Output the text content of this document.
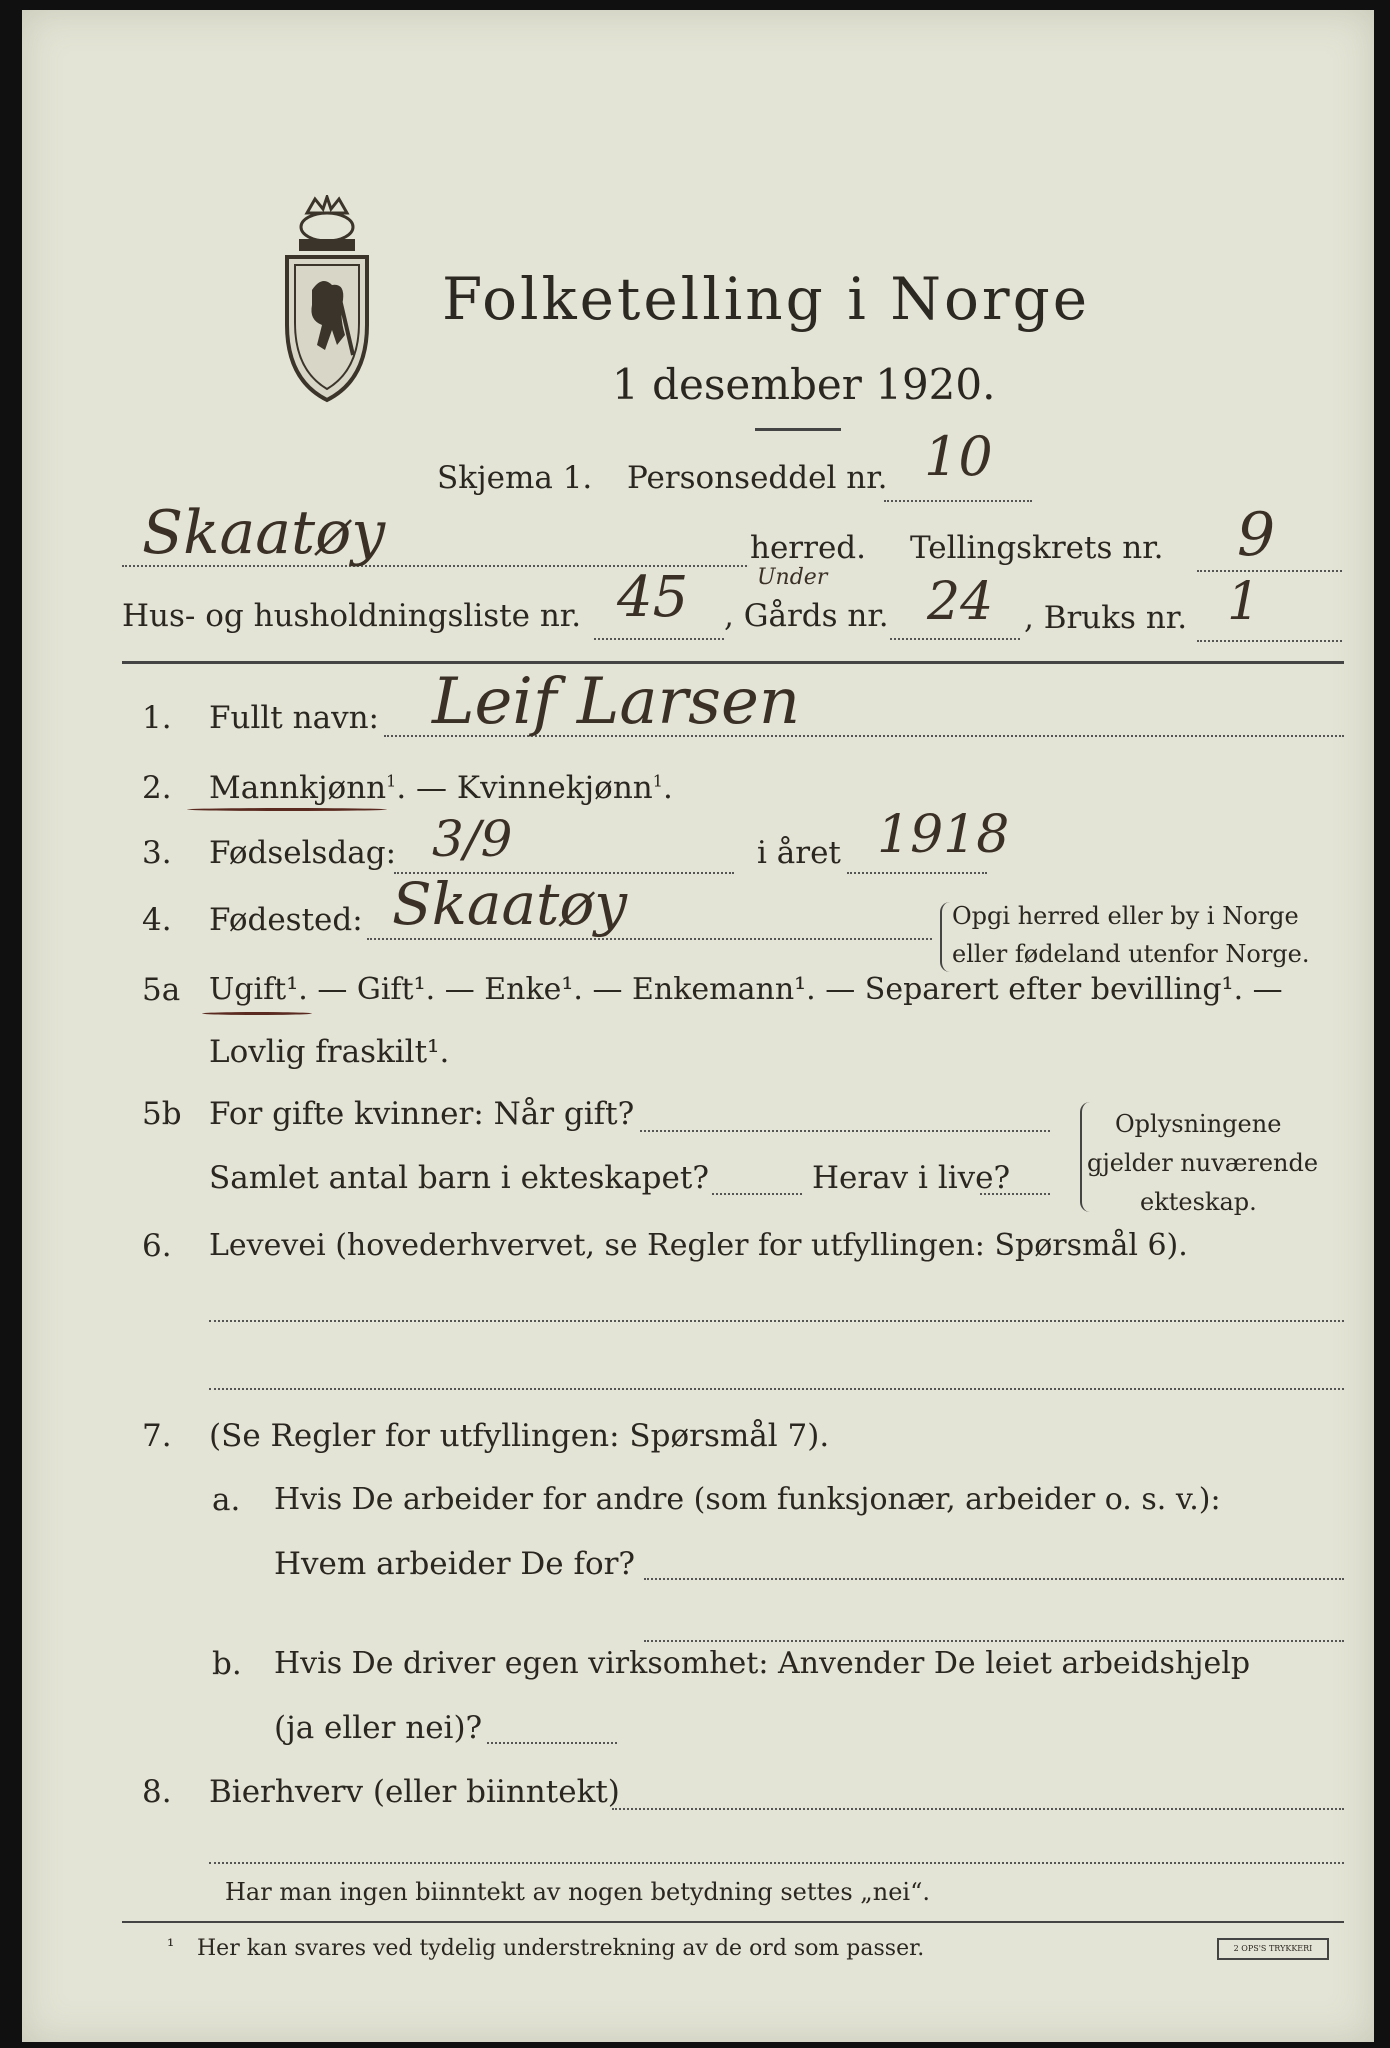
Folketelling i Norge
1 desember 1920.
Skjema 1. Personseddel nr. 10
Skaatøy	herred. Tellingskrets nr. 9
Hus- og husholdningsliste nr. 45 , Gårds nr.
Under 24 , Bruks nr. 1
1. Fullt navn: Leif Larsen
2. Mannkjønn$^1$. — Kvinnekjønn$^1$.
3. Fødselsdag: 3/9	i året 1918
4. Fødested: Skaatøy	Opgi herred eller by i Norge
eller fødeland utenfor Norge.
5a Ugift¹. — Gift¹. — Enke¹. — Enkemann¹. — Separert efter bevilling¹. —
Lovlig fraskilt¹.
5b For gifte kvinner: Når gift?
Samlet antal barn i ekteskapet?	Herav i live?
Oplysningene
gjelder nuværende
ekteskap.
6. Levevei (hovederhvervet, se Regler for utfyllingen: Spørsmål 6).
7. (Se Regler for utfyllingen: Spørsmål 7).
a. Hvis De arbeider for andre (som funksjonær, arbeider o. s. v.):
Hvem arbeider De for?
b. Hvis De driver egen virksomhet: Anvender De leiet arbeidshjelp
(ja eller nei)?
8. Bierhverv (eller biinntekt)
Har man ingen biinntekt av nogen betydning settes „nei“.
¹ Her kan svares ved tydelig understrekning av de ord som passer.	2 OPS'S TRYKKERI
